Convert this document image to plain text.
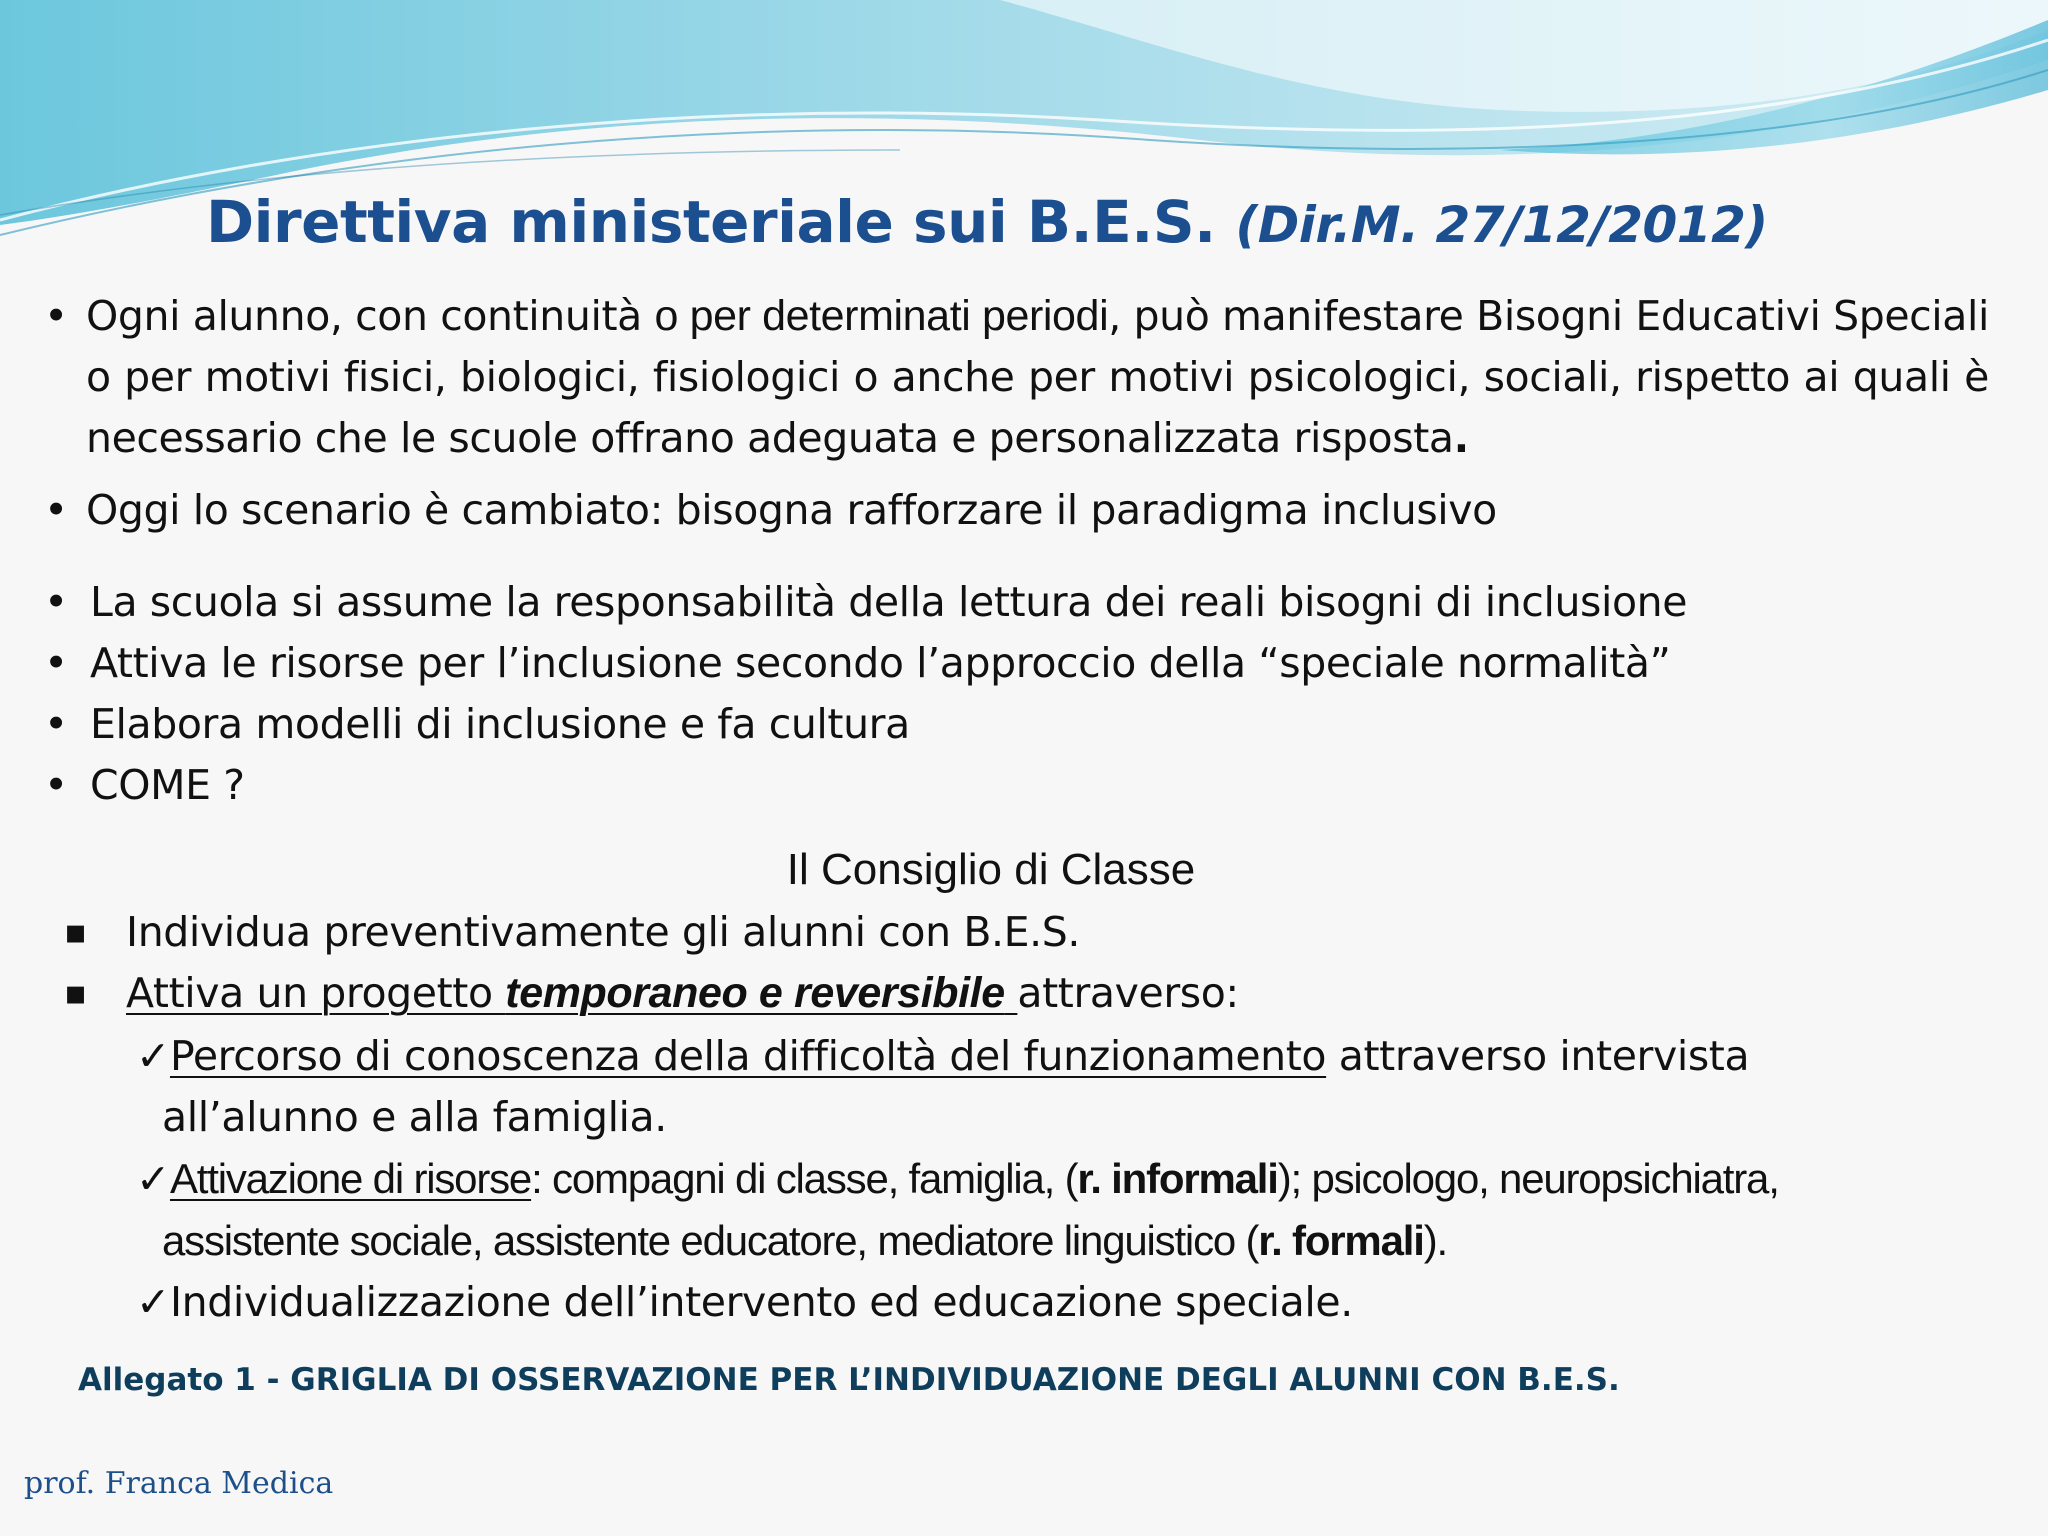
Direttiva ministeriale sui B.E.S. (Dir.M. 27/12/2012)
• Ogni alunno, con continuità o per determinati periodi, può manifestare Bisogni Educativi Speciali o per motivi fisici, biologici, fisiologici o anche per motivi psicologici, sociali, rispetto ai quali è necessario che le scuole offrano adeguata e personalizzata risposta.
• Oggi lo scenario è cambiato: bisogna rafforzare il paradigma inclusivo
• La scuola si assume la responsabilità della lettura dei reali bisogni di inclusione
• Attiva le risorse per l’inclusione secondo l’approccio della “speciale normalità”
• Elabora modelli di inclusione e fa cultura
• COME ?
Il Consiglio di Classe
▪ Individua preventivamente gli alunni con B.E.S.
▪ Attiva un progetto temporaneo e reversibile attraverso:
✓Percorso di conoscenza della difficoltà del funzionamento attraverso intervista
all’alunno e alla famiglia.
✓Attivazione di risorse: compagni di classe, famiglia, (r. informali); psicologo, neuropsichiatra,
assistente sociale, assistente educatore, mediatore linguistico (r. formali).
✓Individualizzazione dell’intervento ed educazione speciale.

Allegato 1 - GRIGLIA DI OSSERVAZIONE PER L’INDIVIDUAZIONE DEGLI ALUNNI CON B.E.S.

prof. Franca Medica
